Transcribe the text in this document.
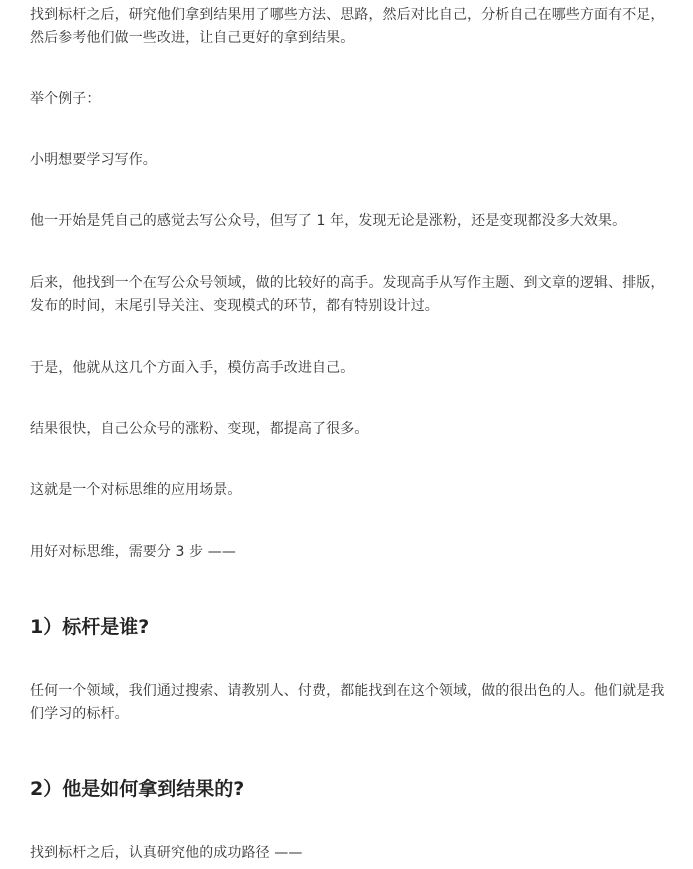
找到标杆之后，研究他们拿到结果用了哪些方法、思路，然后对比自己，分析自己在哪些方面有不足，然后参考他们做一些改进，让自己更好的拿到结果。

举个例子：

小明想要学习写作。

他一开始是凭自己的感觉去写公众号，但写了 1 年，发现无论是涨粉，还是变现都没多大效果。

后来，他找到一个在写公众号领域，做的比较好的高手。发现高手从写作主题、到文章的逻辑、排版，发布的时间，末尾引导关注、变现模式的环节，都有特别设计过。

于是，他就从这几个方面入手，模仿高手改进自己。

结果很快，自己公众号的涨粉、变现，都提高了很多。

这就是一个对标思维的应用场景。

用好对标思维，需要分 3 步 ——

1）标杆是谁?

任何一个领域，我们通过搜索、请教别人、付费，都能找到在这个领域，做的很出色的人。他们就是我们学习的标杆。

2）他是如何拿到结果的?

找到标杆之后，认真研究他的成功路径 ——
